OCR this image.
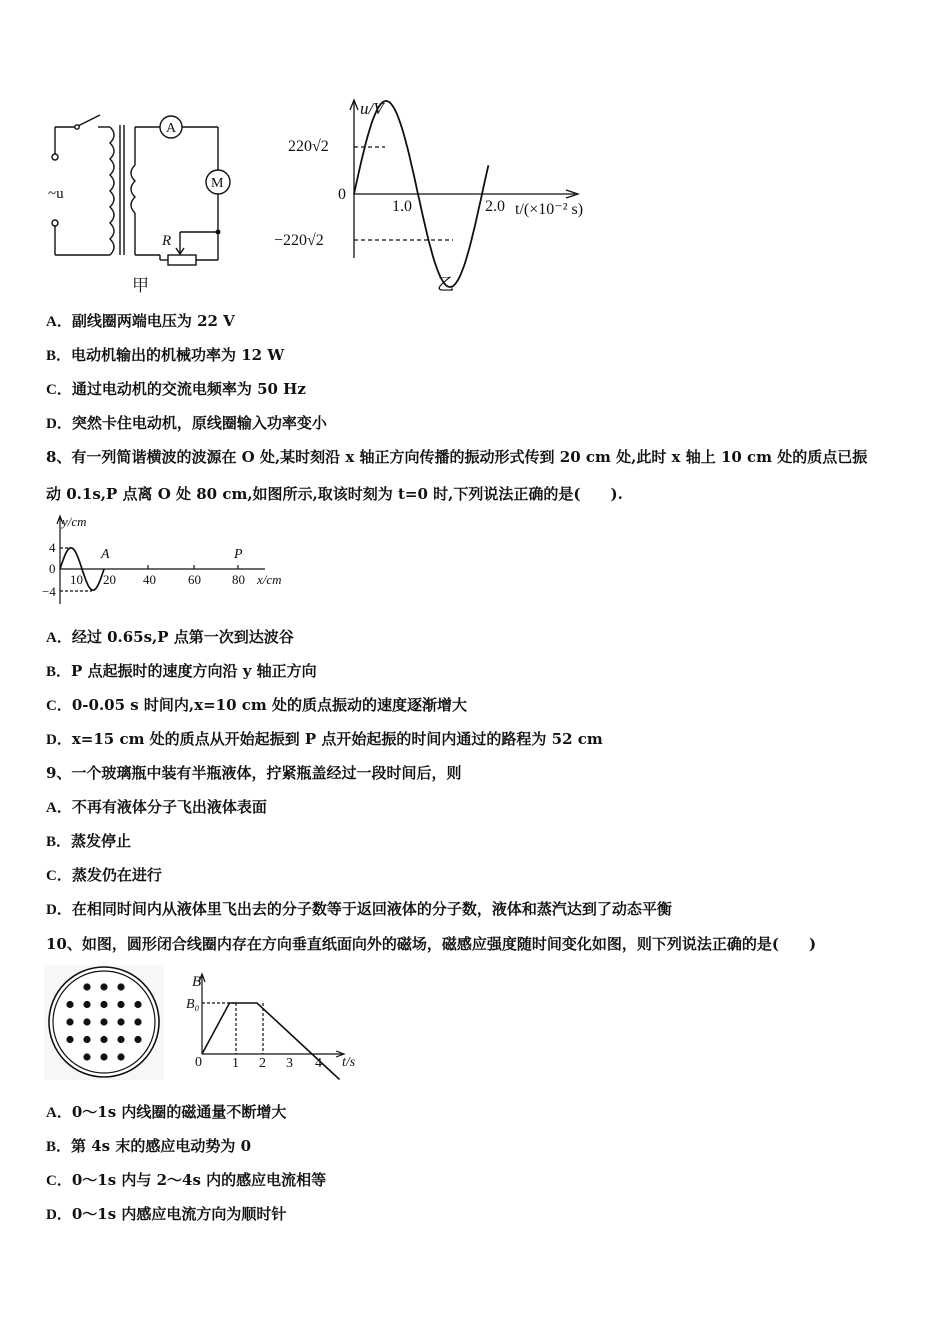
A
M
R
~u
甲
u/V
220√2
−220√2
0
1.0	2.0 t/(×10⁻² s)
乙
A．副线圈两端电压为 22 V
B．电动机输出的机械功率为 12 W
C．通过电动机的交流电频率为 50 Hz
D．突然卡住电动机，原线圈输入功率变小
8、有一列简谐横波的波源在 O 处,某时刻沿 x 轴正方向传播的振动形式传到 20 cm 处,此时 x 轴上 10 cm 处的质点已振
动 0.1s,P 点离 O 处 80 cm,如图所示,取该时刻为 t=0 时,下列说法正确的是(　　).
y/cm
4
0
−4
10 20 40 60 80
A	P
x/cm
A．经过 0.65s,P 点第一次到达波谷
B．P 点起振时的速度方向沿 y 轴正方向
C．0-0.05 s 时间内,x=10 cm 处的质点振动的速度逐渐增大
D．x=15 cm 处的质点从开始起振到 P 点开始起振的时间内通过的路程为 52 cm
9、一个玻璃瓶中装有半瓶液体，拧紧瓶盖经过一段时间后，则
A．不再有液体分子飞出液体表面
B．蒸发停止
C．蒸发仍在进行
D．在相同时间内从液体里飞出去的分子数等于返回液体的分子数，液体和蒸汽达到了动态平衡
10、如图，圆形闭合线圈内存在方向垂直纸面向外的磁场，磁感应强度随时间变化如图，则下列说法正确的是(　　)
B
B₀
0 1 2 3 4 t/s
A．0～1s 内线圈的磁通量不断增大
B．第 4s 末的感应电动势为 0
C．0～1s 内与 2～4s 内的感应电流相等
D．0～1s 内感应电流方向为顺时针
